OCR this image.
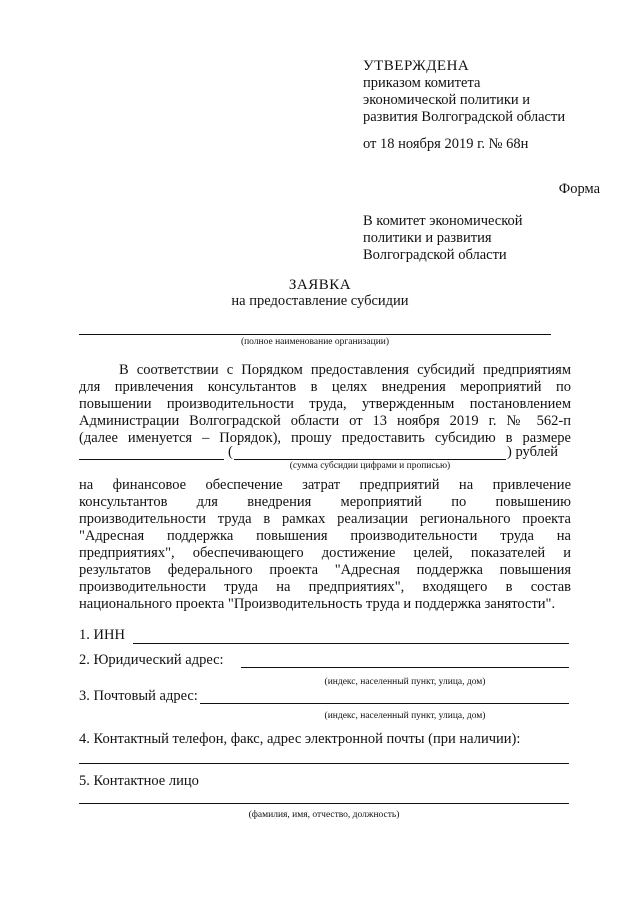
УТВЕРЖДЕНА
приказом комитета
экономической политики и
развития Волгоградской области
от 18 ноября 2019 г. № 68н
Форма
В комитет экономической
политики и развития
Волгоградской области
ЗАЯВКА
на предоставление субсидии
(полное наименование организации)

В соответствии с Порядком предоставления субсидий предприятиям

для привлечения консультантов в целях внедрения мероприятий по

повышении производительности труда, утвержденным постановлением

Администрации Волгоградской области от 13 ноября 2019 г. № 562-п

(далее именуется – Порядок), прошу предоставить субсидию в размере

(	) рублей
(сумма субсидии цифрами и прописью)

на финансовое обеспечение затрат предприятий на привлечение

консультантов для внедрения мероприятий по повышению

производительности труда в рамках реализации регионального проекта

"Адресная поддержка повышения производительности труда на

предприятиях", обеспечивающего достижение целей, показателей и

результатов федерального проекта "Адресная поддержка повышения

производительности труда на предприятиях", входящего в состав

национального проекта "Производительность труда и поддержка занятости".

1. ИНН
2. Юридический адрес:
(индекс, населенный пункт, улица, дом)
3. Почтовый адрес:
(индекс, населенный пункт, улица, дом)
4. Контактный телефон, факс, адрес электронной почты (при наличии):
5. Контактное лицо
(фамилия, имя, отчество, должность)
